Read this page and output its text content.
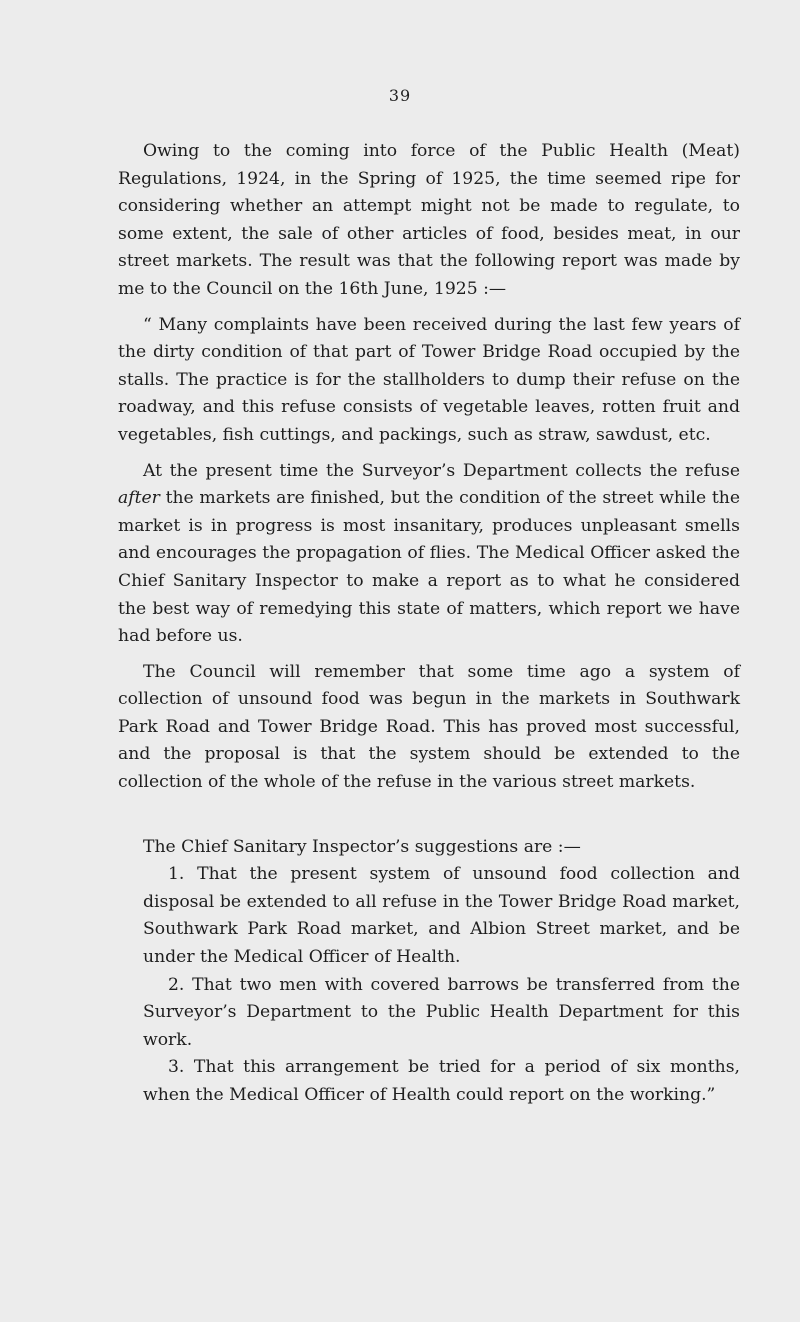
39

Owing to the coming into force of the Public Health (Meat) Regulations, 1924, in the Spring of 1925, the time seemed ripe for considering whether an attempt might not be made to regulate, to some extent, the sale of other articles of food, besides meat, in our street markets. The result was that the following report was made by me to the Council on the 16th June, 1925 :—

“ Many complaints have been received during the last few years of the dirty condition of that part of Tower Bridge Road occupied by the stalls. The practice is for the stallholders to dump their refuse on the roadway, and this refuse consists of vegetable leaves, rotten fruit and vegetables, fish cuttings, and packings, such as straw, sawdust, etc.

At the present time the Surveyor’s Department collects the refuse after the markets are finished, but the condition of the street while the market is in progress is most insanitary, produces unpleasant smells and encourages the propagation of flies. The Medical Officer asked the Chief Sanitary Inspector to make a report as to what he considered the best way of remedying this state of matters, which report we have had before us.

The Council will remember that some time ago a system of collection of unsound food was begun in the markets in Southwark Park Road and Tower Bridge Road. This has proved most successful, and the proposal is that the system should be extended to the collection of the whole of the refuse in the various street markets.

The Chief Sanitary Inspector’s suggestions are :—

1. That the present system of unsound food collection and disposal be extended to all refuse in the Tower Bridge Road market, Southwark Park Road market, and Albion Street market, and be under the Medical Officer of Health.

2. That two men with covered barrows be transferred from the Surveyor’s Department to the Public Health Department for this work.

3. That this arrangement be tried for a period of six months, when the Medical Officer of Health could report on the working.”
